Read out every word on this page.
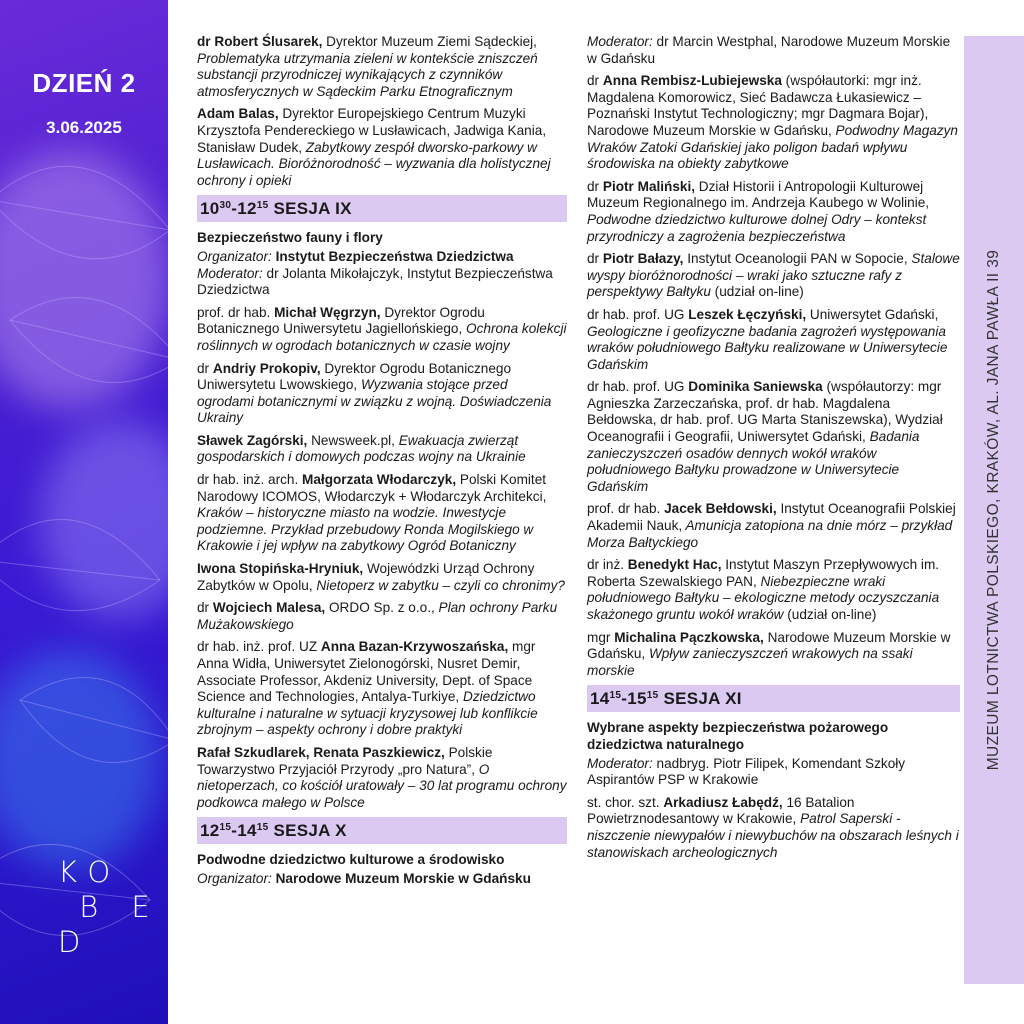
DZIEŃ 2
3.06.2025
KO
B E
D
dr Robert Ślusarek, Dyrektor Muzeum Ziemi Sądeckiej, Problematyka utrzymania zieleni w kontekście zniszczeń substancji przyrodniczej wynikających z czynników atmosferycznych w Sądeckim Parku Etnograficznym
Adam Balas, Dyrektor Europejskiego Centrum Muzyki Krzysztofa Pendereckiego w Lusławicach, Jadwiga Kania, Stanisław Dudek, Zabytkowy zespół dworsko-parkowy w Lusławicach. Bioróżnorodność – wyzwania dla holistycznej ochrony i opieki
$10^{30}-12^{15}$ SESJA IX
Bezpieczeństwo fauny i flory
Organizator: Instytut Bezpieczeństwa Dziedzictwa
Moderator: dr Jolanta Mikołajczyk, Instytut Bezpieczeństwa Dziedzictwa
prof. dr hab. Michał Węgrzyn, Dyrektor Ogrodu Botanicznego Uniwersytetu Jagiellońskiego, Ochrona kolekcji roślinnych w ogrodach botanicznych w czasie wojny
dr Andriy Prokopiv, Dyrektor Ogrodu Botanicznego Uniwersytetu Lwowskiego, Wyzwania stojące przed ogrodami botanicznymi w związku z wojną. Doświadczenia Ukrainy
Sławek Zagórski, Newsweek.pl, Ewakuacja zwierząt gospodarskich i domowych podczas wojny na Ukrainie
dr hab. inż. arch. Małgorzata Włodarczyk, Polski Komitet Narodowy ICOMOS, Włodarczyk + Włodarczyk Architekci, Kraków – historyczne miasto na wodzie. Inwestycje podziemne. Przykład przebudowy Ronda Mogilskiego w Krakowie i jej wpływ na zabytkowy Ogród Botaniczny
Iwona Stopińska-Hryniuk, Wojewódzki Urząd Ochrony Zabytków w Opolu, Nietoperz w zabytku – czyli co chronimy?
dr Wojciech Malesa, ORDO Sp. z o.o., Plan ochrony Parku Mużakowskiego
dr hab. inż. prof. UZ Anna Bazan-Krzywoszańska, mgr Anna Widła, Uniwersytet Zielonogórski, Nusret Demir, Associate Professor, Akdeniz University, Dept. of Space Science and Technologies, Antalya-Turkiye, Dziedzictwo kulturalne i naturalne w sytuacji kryzysowej lub konflikcie zbrojnym – aspekty ochrony i dobre praktyki
Rafał Szkudlarek, Renata Paszkiewicz, Polskie Towarzystwo Przyjaciół Przyrody „pro Natura”, O nietoperzach, co kościół uratowały – 30 lat programu ochrony podkowca małego w Polsce
$12^{15}-14^{15}$ SESJA X
Podwodne dziedzictwo kulturowe a środowisko
Organizator: Narodowe Muzeum Morskie w Gdańsku
Moderator: dr Marcin Westphal, Narodowe Muzeum Morskie w Gdańsku
dr Anna Rembisz-Lubiejewska (współautorki: mgr inż. Magdalena Komorowicz, Sieć Badawcza Łukasiewicz – Poznański Instytut Technologiczny; mgr Dagmara Bojar), Narodowe Muzeum Morskie w Gdańsku, Podwodny Magazyn Wraków Zatoki Gdańskiej jako poligon badań wpływu środowiska na obiekty zabytkowe
dr Piotr Maliński, Dział Historii i Antropologii Kulturowej Muzeum Regionalnego im. Andrzeja Kaubego w Wolinie, Podwodne dziedzictwo kulturowe dolnej Odry – kontekst przyrodniczy a zagrożenia bezpieczeństwa
dr Piotr Bałazy, Instytut Oceanologii PAN w Sopocie, Stalowe wyspy bioróżnorodności – wraki jako sztuczne rafy z perspektywy Bałtyku (udział on-line)
dr hab. prof. UG Leszek Łęczyński, Uniwersytet Gdański, Geologiczne i geofizyczne badania zagrożeń występowania wraków południowego Bałtyku realizowane w Uniwersytecie Gdańskim
dr hab. prof. UG Dominika Saniewska (współautorzy: mgr Agnieszka Zarzeczańska, prof. dr hab. Magdalena Bełdowska, dr hab. prof. UG Marta Staniszewska), Wydział Oceanografii i Geografii, Uniwersytet Gdański, Badania zanieczyszczeń osadów dennych wokół wraków południowego Bałtyku prowadzone w Uniwersytecie Gdańskim
prof. dr hab. Jacek Bełdowski, Instytut Oceanografii Polskiej Akademii Nauk, Amunicja zatopiona na dnie mórz – przykład Morza Bałtyckiego
dr inż. Benedykt Hac, Instytut Maszyn Przepływowych im. Roberta Szewalskiego PAN, Niebezpieczne wraki południowego Bałtyku – ekologiczne metody oczyszczania skażonego gruntu wokół wraków (udział on-line)
mgr Michalina Pączkowska, Narodowe Muzeum Morskie w Gdańsku, Wpływ zanieczyszczeń wrakowych na ssaki morskie
$14^{15}-15^{15}$ SESJA XI
Wybrane aspekty bezpieczeństwa pożarowego dziedzictwa naturalnego
Moderator: nadbryg. Piotr Filipek, Komendant Szkoły Aspirantów PSP w Krakowie
st. chor. szt. Arkadiusz Łabędź, 16 Batalion Powietrznodesantowy w Krakowie, Patrol Saperski - niszczenie niewypałów i niewybuchów na obszarach leśnych i stanowiskach archeologicznych
MUZEUM LOTNICTWA POLSKIEGO, KRAKÓW, AL. JANA PAWŁA II 39
